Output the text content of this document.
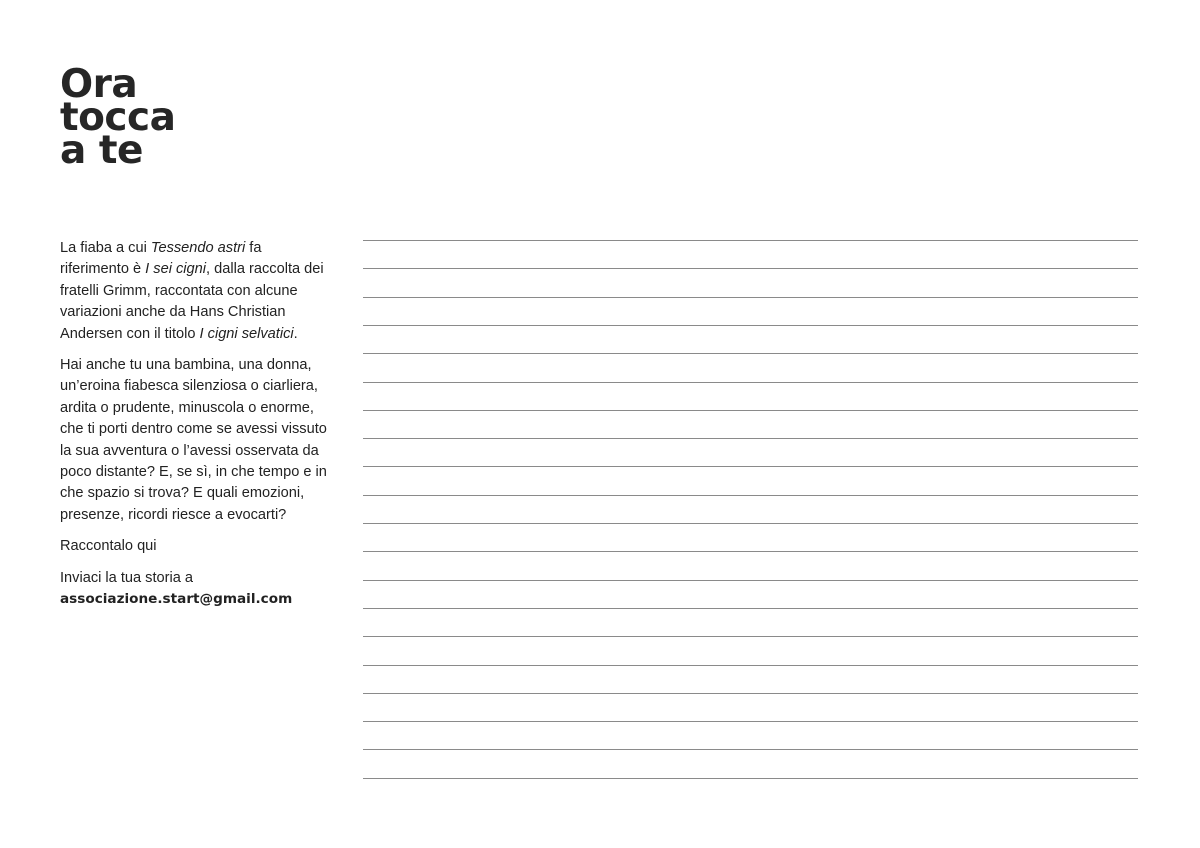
Ora
tocca
a te

La fiaba a cui Tessendo astri fa riferimento è I sei cigni, dalla raccolta dei fratelli Grimm, raccontata con alcune variazioni anche da Hans Christian Andersen con il titolo I cigni selvatici.

Hai anche tu una bambina, una donna, un’eroina fiabesca silenziosa o ciarliera, ardita o prudente, minuscola o enorme, che ti porti dentro come se avessi vissuto la sua avventura o l’avessi osservata da poco distante? E, se sì, in che tempo e in che spazio si trova? E quali emozioni, presenze, ricordi riesce a evocarti?

Raccontalo qui

Inviaci la tua storia a
associazione.start@gmail.com
